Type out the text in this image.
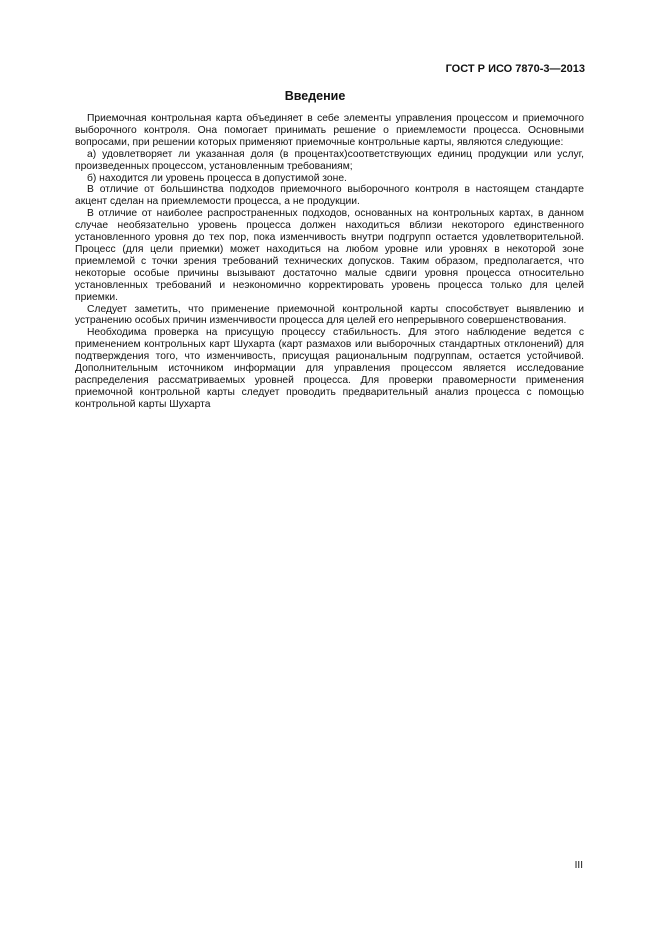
ГОСТ Р ИСО 7870-3—2013
Введение

Приемочная контрольная карта объединяет в себе элементы управления процессом и приемочного выборочного контроля. Она помогает принимать решение о приемлемости процесса. Основными вопросами, при решении которых применяют приемочные контрольные карты, являются следующие:

а) удовлетворяет ли указанная доля (в процентах)соответствующих единиц продукции или услуг, произведенных процессом, установленным требованиям;

б) находится ли уровень процесса в допустимой зоне.

В отличие от большинства подходов приемочного выборочного контроля в настоящем стандарте акцент сделан на приемлемости процесса, а не продукции.

В отличие от наиболее распространенных подходов, основанных на контрольных картах, в данном случае необязательно уровень процесса должен находиться вблизи некоторого единственного установленного уровня до тех пор, пока изменчивость внутри подгрупп остается удовлетворительной. Процесс (для цели приемки) может находиться на любом уровне или уровнях в некоторой зоне приемлемой с точки зрения требований технических допусков. Таким образом, предполагается, что некоторые особые причины вызывают достаточно малые сдвиги уровня процесса относительно установленных требований и неэкономично корректировать уровень процесса только для целей приемки.

Следует заметить, что применение приемочной контрольной карты способствует выявлению и устранению особых причин изменчивости процесса для целей его непрерывного совершенствования.

Необходима проверка на присущую процессу стабильность. Для этого наблюдение ведется с применением контрольных карт Шухарта (карт размахов или выборочных стандартных отклонений) для подтверждения того, что изменчивость, присущая рациональным подгруппам, остается устойчивой. Дополнительным источником информации для управления процессом является исследование распределения рассматриваемых уровней процесса. Для проверки правомерности применения приемочной контрольной карты следует проводить предварительный анализ процесса с помощью контрольной карты Шухарта

III
